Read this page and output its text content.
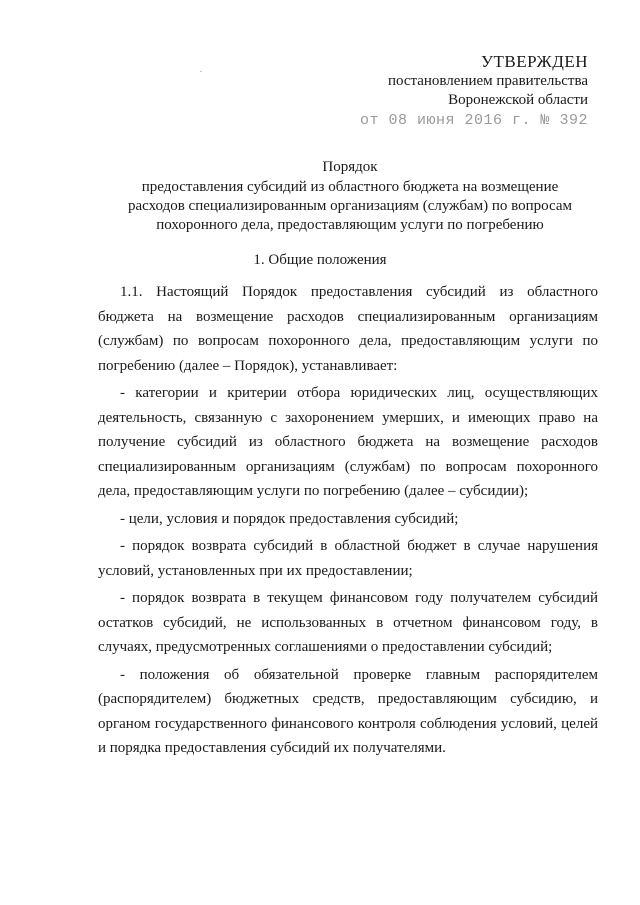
УТВЕРЖДЕН
постановлением правительства
Воронежской области
от 08 июня 2016 г. № 392
Порядок
предоставления субсидий из областного бюджета на возмещение
расходов специализированным организациям (службам) по вопросам
похоронного дела, предоставляющим услуги по погребению
1. Общие положения

1.1. Настоящий Порядок предоставления субсидий из областного бюджета на возмещение расходов специализированным организациям (службам) по вопросам похоронного дела, предоставляющим услуги по погребению (далее – Порядок), устанавливает:

- категории и критерии отбора юридических лиц, осуществляющих деятельность, связанную с захоронением умерших, и имеющих право на получение субсидий из областного бюджета на возмещение расходов специализированным организациям (службам) по вопросам похоронного дела, предоставляющим услуги по погребению (далее – субсидии);

- цели, условия и порядок предоставления субсидий;

- порядок возврата субсидий в областной бюджет в случае нарушения условий, установленных при их предоставлении;

- порядок возврата в текущем финансовом году получателем субсидий остатков субсидий, не использованных в отчетном финансовом году, в случаях, предусмотренных соглашениями о предоставлении субсидий;

- положения об обязательной проверке главным распорядителем (распорядителем) бюджетных средств, предоставляющим субсидию, и органом государственного финансового контроля соблюдения условий, целей и порядка предоставления субсидий их получателями.
